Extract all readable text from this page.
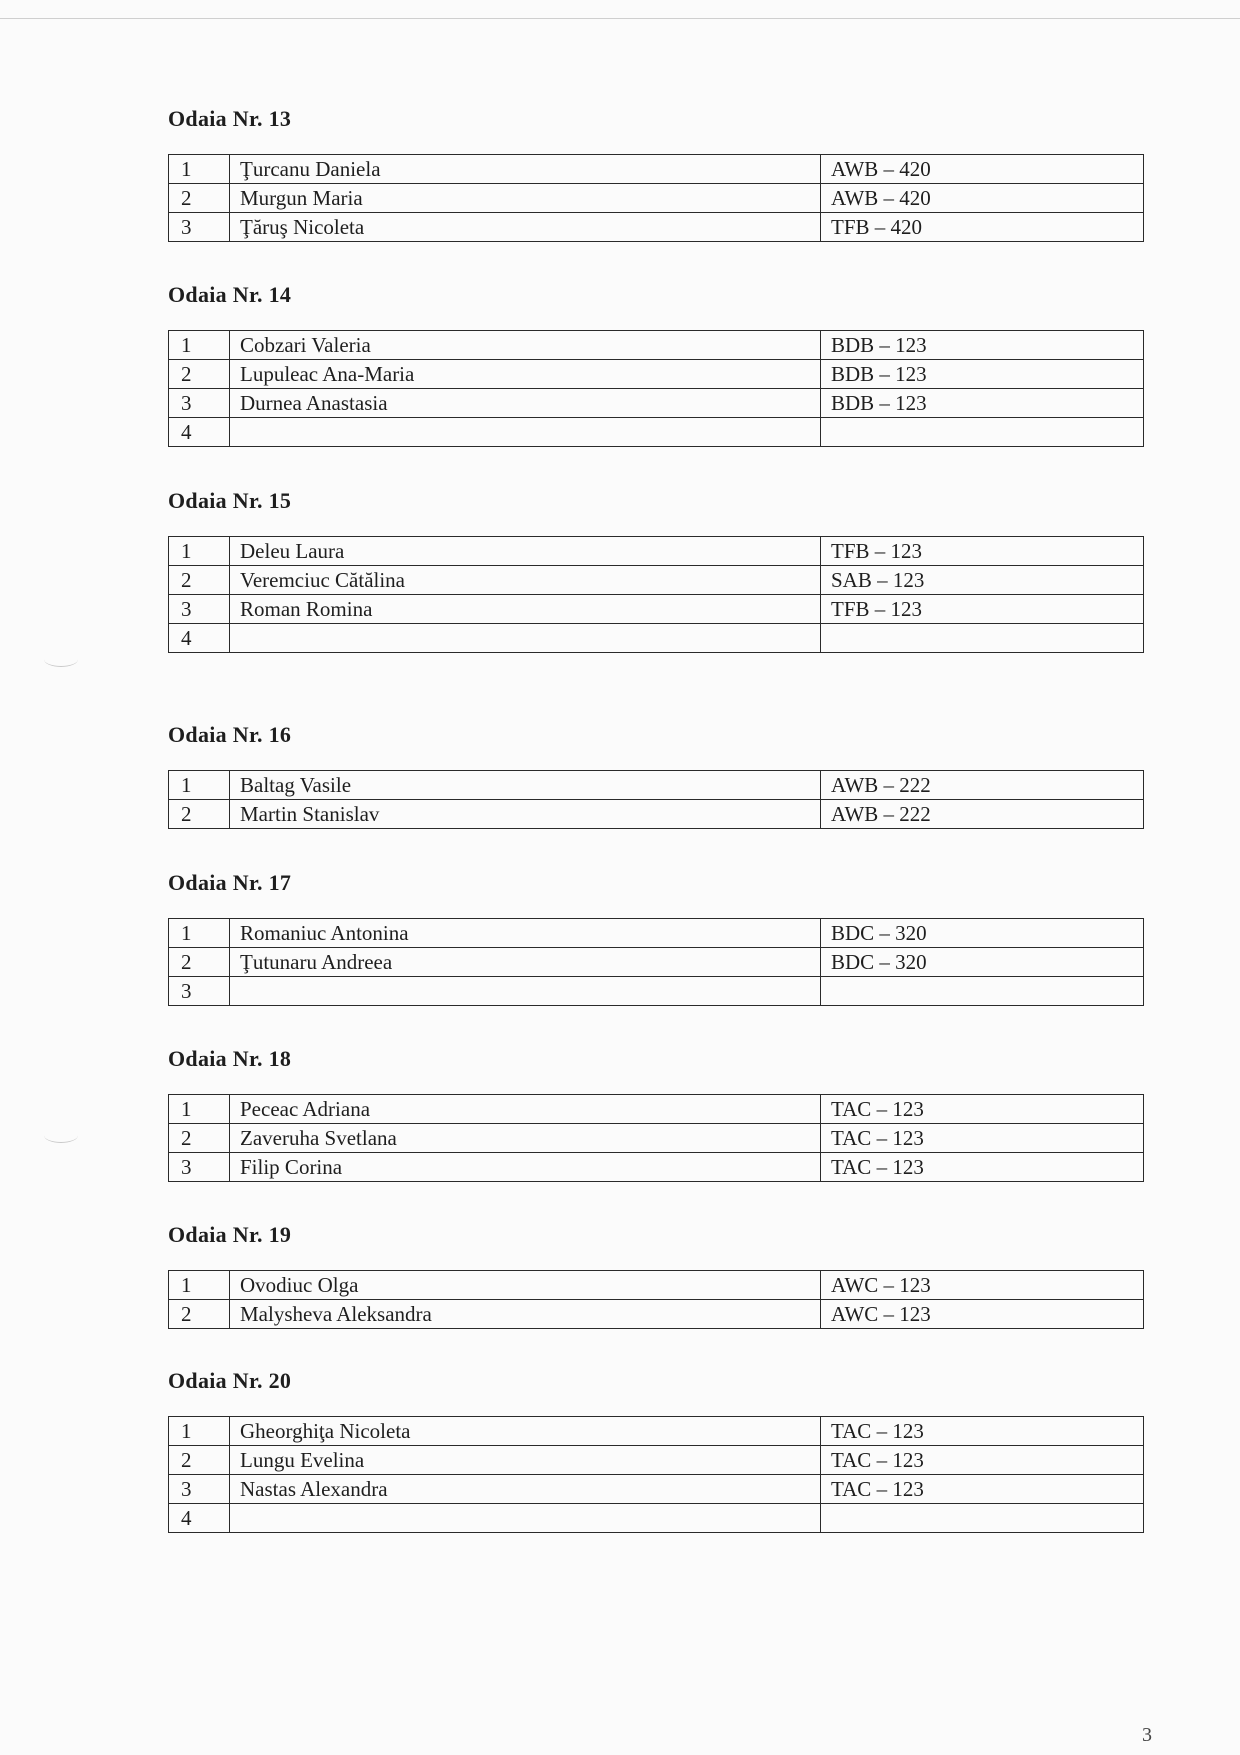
Odaia Nr. 13
1	Ţurcanu Daniela	AWB – 420
2	Murgun Maria	AWB – 420
3	Ţăruş Nicoleta	TFB – 420
Odaia Nr. 14
1	Cobzari Valeria	BDB – 123
2	Lupuleac Ana-Maria	BDB – 123
3	Durnea Anastasia	BDB – 123
4		
Odaia Nr. 15
1	Deleu Laura	TFB – 123
2	Veremciuc Cătălina	SAB – 123
3	Roman Romina	TFB – 123
4		
Odaia Nr. 16
1	Baltag Vasile	AWB – 222
2	Martin Stanislav	AWB – 222
Odaia Nr. 17
1	Romaniuc Antonina	BDC – 320
2	Ţutunaru Andreea	BDC – 320
3		
Odaia Nr. 18
1	Peceac Adriana	TAC – 123
2	Zaveruha Svetlana	TAC – 123
3	Filip Corina	TAC – 123
Odaia Nr. 19
1	Ovodiuc Olga	AWC – 123
2	Malysheva Aleksandra	AWC – 123
Odaia Nr. 20
1	Gheorghiţa Nicoleta	TAC – 123
2	Lungu Evelina	TAC – 123
3	Nastas Alexandra	TAC – 123
4		
3
